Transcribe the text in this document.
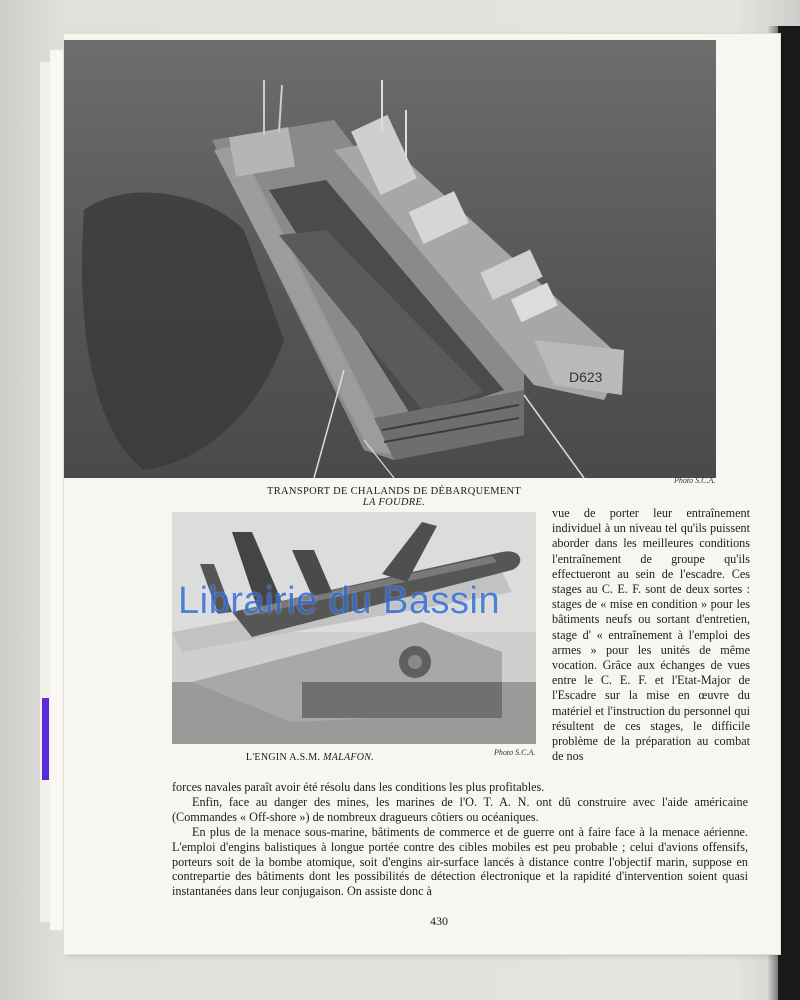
D623
Photo S.C.A.
TRANSPORT DE CHALANDS DE DÉBARQUEMENT LA FOUDRE.
L'ENGIN A.S.M. MALAFON.	Photo S.C.A.

vue de porter leur entraînement individuel à un niveau tel qu'ils puissent aborder dans les meilleures conditions l'entraînement de groupe qu'ils effectueront au sein de l'escadre. Ces stages au C. E. F. sont de deux sortes : stages de « mise en condition » pour les bâtiments neufs ou sortant d'entretien, stage d' « entraînement à l'emploi des armes » pour les unités de même vocation. Grâce aux échanges de vues entre le C. E. F. et l'Etat-Major de l'Escadre sur la mise en œuvre du matériel et l'instruction du personnel qui résultent de ces stages, le difficile problème de la préparation au combat de nos

forces navales paraît avoir été résolu dans les conditions les plus profitables.

Enfin, face au danger des mines, les marines de l'O. T. A. N. ont dû construire avec l'aide américaine (Commandes « Off-shore ») de nombreux dragueurs côtiers ou océaniques.

En plus de la menace sous-marine, bâtiments de commerce et de guerre ont à faire face à la menace aérienne. L'emploi d'engins balistiques à longue portée contre des cibles mobiles est peu probable ; celui d'avions offensifs, porteurs soit de la bombe atomique, soit d'engins air-surface lancés à distance contre l'objectif marin, suppose en contrepartie des bâtiments dont les possibilités de détection électronique et la rapidité d'intervention soient quasi instantanées dans leur conjugaison. On assiste donc à

430
Librairie du Bassin
